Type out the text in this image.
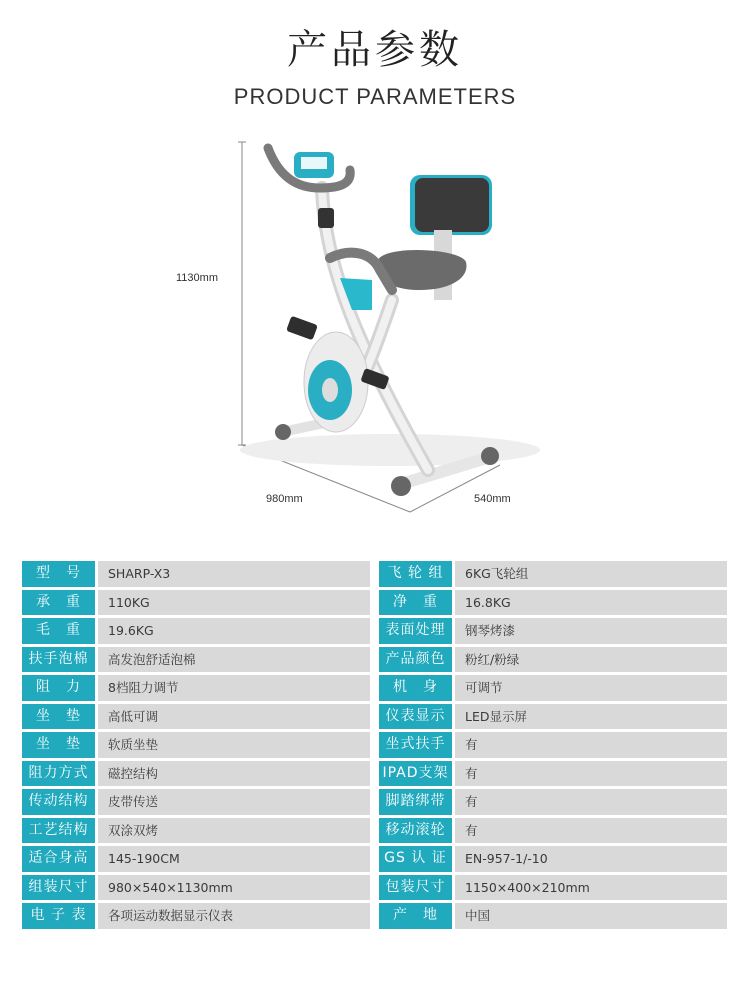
产品参数
PRODUCT PARAMETERS
1130mm
980mm	540mm
型　号	SHARP-X3	飞 轮 组	6KG飞轮组
承　重	110KG	净　重	16.8KG
毛　重	19.6KG	表面处理	钢琴烤漆
扶手泡棉	高发泡舒适泡棉	产品颜色	粉红/粉绿
阻　力	8档阻力调节	机　身	可调节
坐　垫	高低可调	仪表显示	LED显示屏
坐　垫	软质坐垫	坐式扶手	有
阻力方式	磁控结构	IPAD支架	有
传动结构	皮带传送	脚踏绑带	有
工艺结构	双涂双烤	移动滚轮	有
适合身高	145-190CM	GS 认 证	EN-957-1/-10
组装尺寸	980×540×1130mm	包装尺寸	1150×400×210mm
电 子 表	各项运动数据显示仪表	产　地	中国
